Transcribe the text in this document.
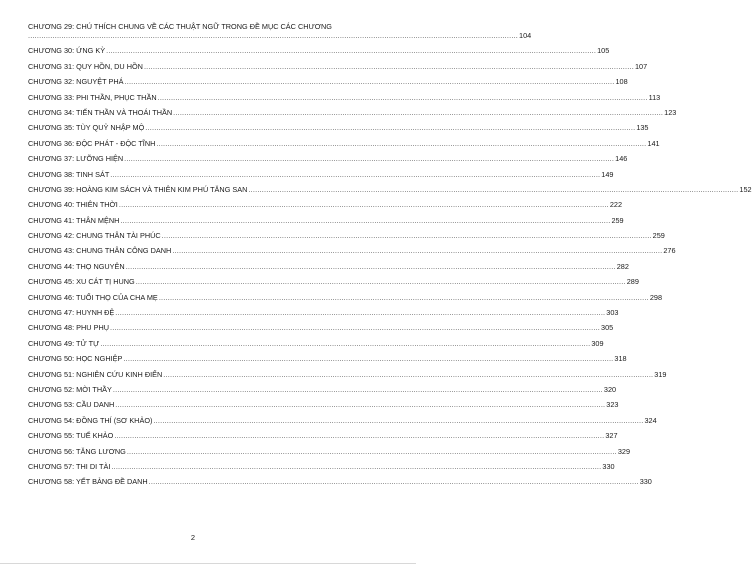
CHƯƠNG 29: CHÚ THÍCH CHUNG VỀ CÁC THUẬT NGỮ TRONG ĐỀ MỤC CÁC CHƯƠNG
............................................................................................................................................................................................................................ 104
CHƯƠNG 30: ỨNG KỲ ............................................................................................................................................................................................................................ 105
CHƯƠNG 31: QUY HỒN, DU HỒN ............................................................................................................................................................................................................................ 107
CHƯƠNG 32: NGUYỆT PHÁ ............................................................................................................................................................................................................................ 108
CHƯƠNG 33: PHI THẦN, PHỤC THẦN ............................................................................................................................................................................................................................ 113
CHƯƠNG 34: TIẾN THẦN VÀ THOÁI THẦN ............................................................................................................................................................................................................................ 123
CHƯƠNG 35: TÙY QUỶ NHẬP MỘ ............................................................................................................................................................................................................................ 135
CHƯƠNG 36: ĐỘC PHÁT - ĐỘC TĨNH ............................................................................................................................................................................................................................ 141
CHƯƠNG 37: LƯỠNG HIỆN ............................................................................................................................................................................................................................ 146
CHƯƠNG 38: TINH SÁT ............................................................................................................................................................................................................................ 149
CHƯƠNG 39: HOÀNG KIM SÁCH VÀ THIÊN KIM PHÚ TĂNG SAN ............................................................................................................................................................................................................................ 152
CHƯƠNG 40: THIÊN THỜI ............................................................................................................................................................................................................................ 222
CHƯƠNG 41: THÂN MỆNH ............................................................................................................................................................................................................................ 259
CHƯƠNG 42: CHUNG THÂN TÀI PHÚC ............................................................................................................................................................................................................................ 259
CHƯƠNG 43: CHUNG THÂN CÔNG DANH ............................................................................................................................................................................................................................ 276
CHƯƠNG 44: THỌ NGUYÊN ............................................................................................................................................................................................................................ 282
CHƯƠNG 45: XU CÁT TỊ HUNG ............................................................................................................................................................................................................................ 289
CHƯƠNG 46: TUỔI THỌ CỦA CHA MẸ ............................................................................................................................................................................................................................ 298
CHƯƠNG 47: HUYNH ĐỆ ............................................................................................................................................................................................................................ 303
CHƯƠNG 48: PHU PHỤ ............................................................................................................................................................................................................................ 305
CHƯƠNG 49: TỬ TỰ ............................................................................................................................................................................................................................ 309
CHƯƠNG 50: HỌC NGHIỆP ............................................................................................................................................................................................................................ 318
CHƯƠNG 51: NGHIÊN CỨU KINH ĐIỂN ............................................................................................................................................................................................................................ 319
CHƯƠNG 52: MỜI THẦY ............................................................................................................................................................................................................................ 320
CHƯƠNG 53: CẦU DANH ............................................................................................................................................................................................................................ 323
CHƯƠNG 54: ĐỒNG THÍ (SƠ KHẢO) ............................................................................................................................................................................................................................ 324
CHƯƠNG 55: TUẾ KHẢO ............................................................................................................................................................................................................................ 327
CHƯƠNG 56: TĂNG LƯƠNG ............................................................................................................................................................................................................................ 329
CHƯƠNG 57: THI DI TÀI ............................................................................................................................................................................................................................ 330
CHƯƠNG 58: YẾT BẢNG ĐỀ DANH ............................................................................................................................................................................................................................ 330
2
